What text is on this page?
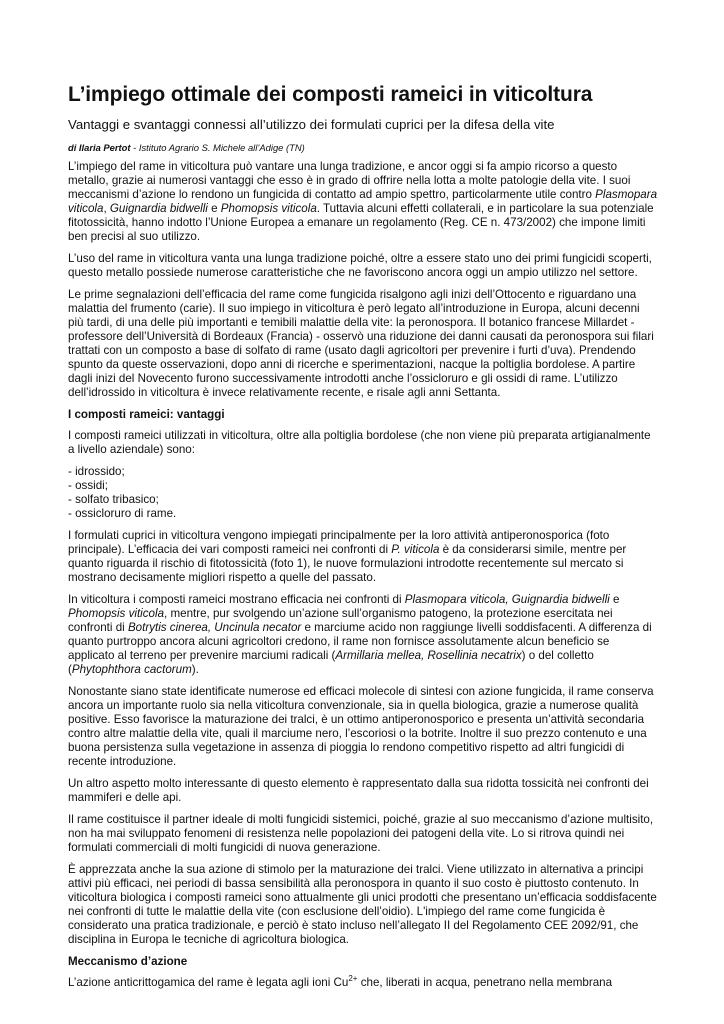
L’impiego ottimale dei composti rameici in viticoltura
Vantaggi e svantaggi connessi all’utilizzo dei formulati cuprici per la difesa della vite
di Ilaria Pertot - Istituto Agrario S. Michele all’Adige (TN)

L’impiego del rame in viticoltura può vantare una lunga tradizione, e ancor oggi si fa ampio ricorso a questo metallo, grazie ai numerosi vantaggi che esso è in grado di offrire nella lotta a molte patologie della vite. I suoi meccanismi d’azione lo rendono un fungicida di contatto ad ampio spettro, particolarmente utile contro Plasmopara viticola, Guignardia bidwelli e Phomopsis viticola. Tuttavia alcuni effetti collaterali, e in particolare la sua potenziale fitotossicità, hanno indotto l’Unione Europea a emanare un regolamento (Reg. CE n. 473/2002) che impone limiti ben precisi al suo utilizzo.

L’uso del rame in viticoltura vanta una lunga tradizione poiché, oltre a essere stato uno dei primi fungicidi scoperti, questo metallo possiede numerose caratteristiche che ne favoriscono ancora oggi un ampio utilizzo nel settore.

Le prime segnalazioni dell’efficacia del rame come fungicida risalgono agli inizi dell’Ottocento e riguardano una malattia del frumento (carie). Il suo impiego in viticoltura è però legato all’introduzione in Europa, alcuni decenni più tardi, di una delle più importanti e temibili malattie della vite: la peronospora. Il botanico francese Millardet - professore dell’Università di Bordeaux (Francia) - osservò una riduzione dei danni causati da peronospora sui filari trattati con un composto a base di solfato di rame (usato dagli agricoltori per prevenire i furti d’uva). Prendendo spunto da queste osservazioni, dopo anni di ricerche e sperimentazioni, nacque la poltiglia bordolese. A partire dagli inizi del Novecento furono successivamente introdotti anche l’ossicloruro e gli ossidi di rame. L’utilizzo dell’idrossido in viticoltura è invece relativamente recente, e risale agli anni Settanta.

I composti rameici: vantaggi

I composti rameici utilizzati in viticoltura, oltre alla poltiglia bordolese (che non viene più preparata artigianalmente a livello aziendale) sono:

- idrossido;
- ossidi;
- solfato tribasico;
- ossicloruro di rame.

I formulati cuprici in viticoltura vengono impiegati principalmente per la loro attività antiperonosporica (foto principale). L’efficacia dei vari composti rameici nei confronti di P. viticola è da considerarsi simile, mentre per quanto riguarda il rischio di fitotossicità (foto 1), le nuove formulazioni introdotte recentemente sul mercato si mostrano decisamente migliori rispetto a quelle del passato.

In viticoltura i composti rameici mostrano efficacia nei confronti di Plasmopara viticola, Guignardia bidwelli e Phomopsis viticola, mentre, pur svolgendo un’azione sull’organismo patogeno, la protezione esercitata nei confronti di Botrytis cinerea, Uncinula necator e marciume acido non raggiunge livelli soddisfacenti. A differenza di quanto purtroppo ancora alcuni agricoltori credono, il rame non fornisce assolutamente alcun beneficio se applicato al terreno per prevenire marciumi radicali (Armillaria mellea, Rosellinia necatrix) o del colletto (Phytophthora cactorum).

Nonostante siano state identificate numerose ed efficaci molecole di sintesi con azione fungicida, il rame conserva ancora un importante ruolo sia nella viticoltura convenzionale, sia in quella biologica, grazie a numerose qualità positive. Esso favorisce la maturazione dei tralci, è un ottimo antiperonosporico e presenta un’attività secondaria contro altre malattie della vite, quali il marciume nero, l’escoriosi o la botrite. Inoltre il suo prezzo contenuto e una buona persistenza sulla vegetazione in assenza di pioggia lo rendono competitivo rispetto ad altri fungicidi di recente introduzione.

Un altro aspetto molto interessante di questo elemento è rappresentato dalla sua ridotta tossicità nei confronti dei mammiferi e delle api.

Il rame costituisce il partner ideale di molti fungicidi sistemici, poiché, grazie al suo meccanismo d’azione multisito, non ha mai sviluppato fenomeni di resistenza nelle popolazioni dei patogeni della vite. Lo si ritrova quindi nei formulati commerciali di molti fungicidi di nuova generazione.

È apprezzata anche la sua azione di stimolo per la maturazione dei tralci. Viene utilizzato in alternativa a principi attivi più efficaci, nei periodi di bassa sensibilità alla peronospora in quanto il suo costo è piuttosto contenuto. In viticoltura biologica i composti rameici sono attualmente gli unici prodotti che presentano un’efficacia soddisfacente nei confronti di tutte le malattie della vite (con esclusione dell’oidio). L'impiego del rame come fungicida è considerato una pratica tradizionale, e perciò è stato incluso nell’allegato II del Regolamento CEE 2092/91, che disciplina in Europa le tecniche di agricoltura biologica.

Meccanismo d’azione

L’azione anticrittogamica del rame è legata agli ioni $Cu^{2+}$ che, liberati in acqua, penetrano nella membrana
